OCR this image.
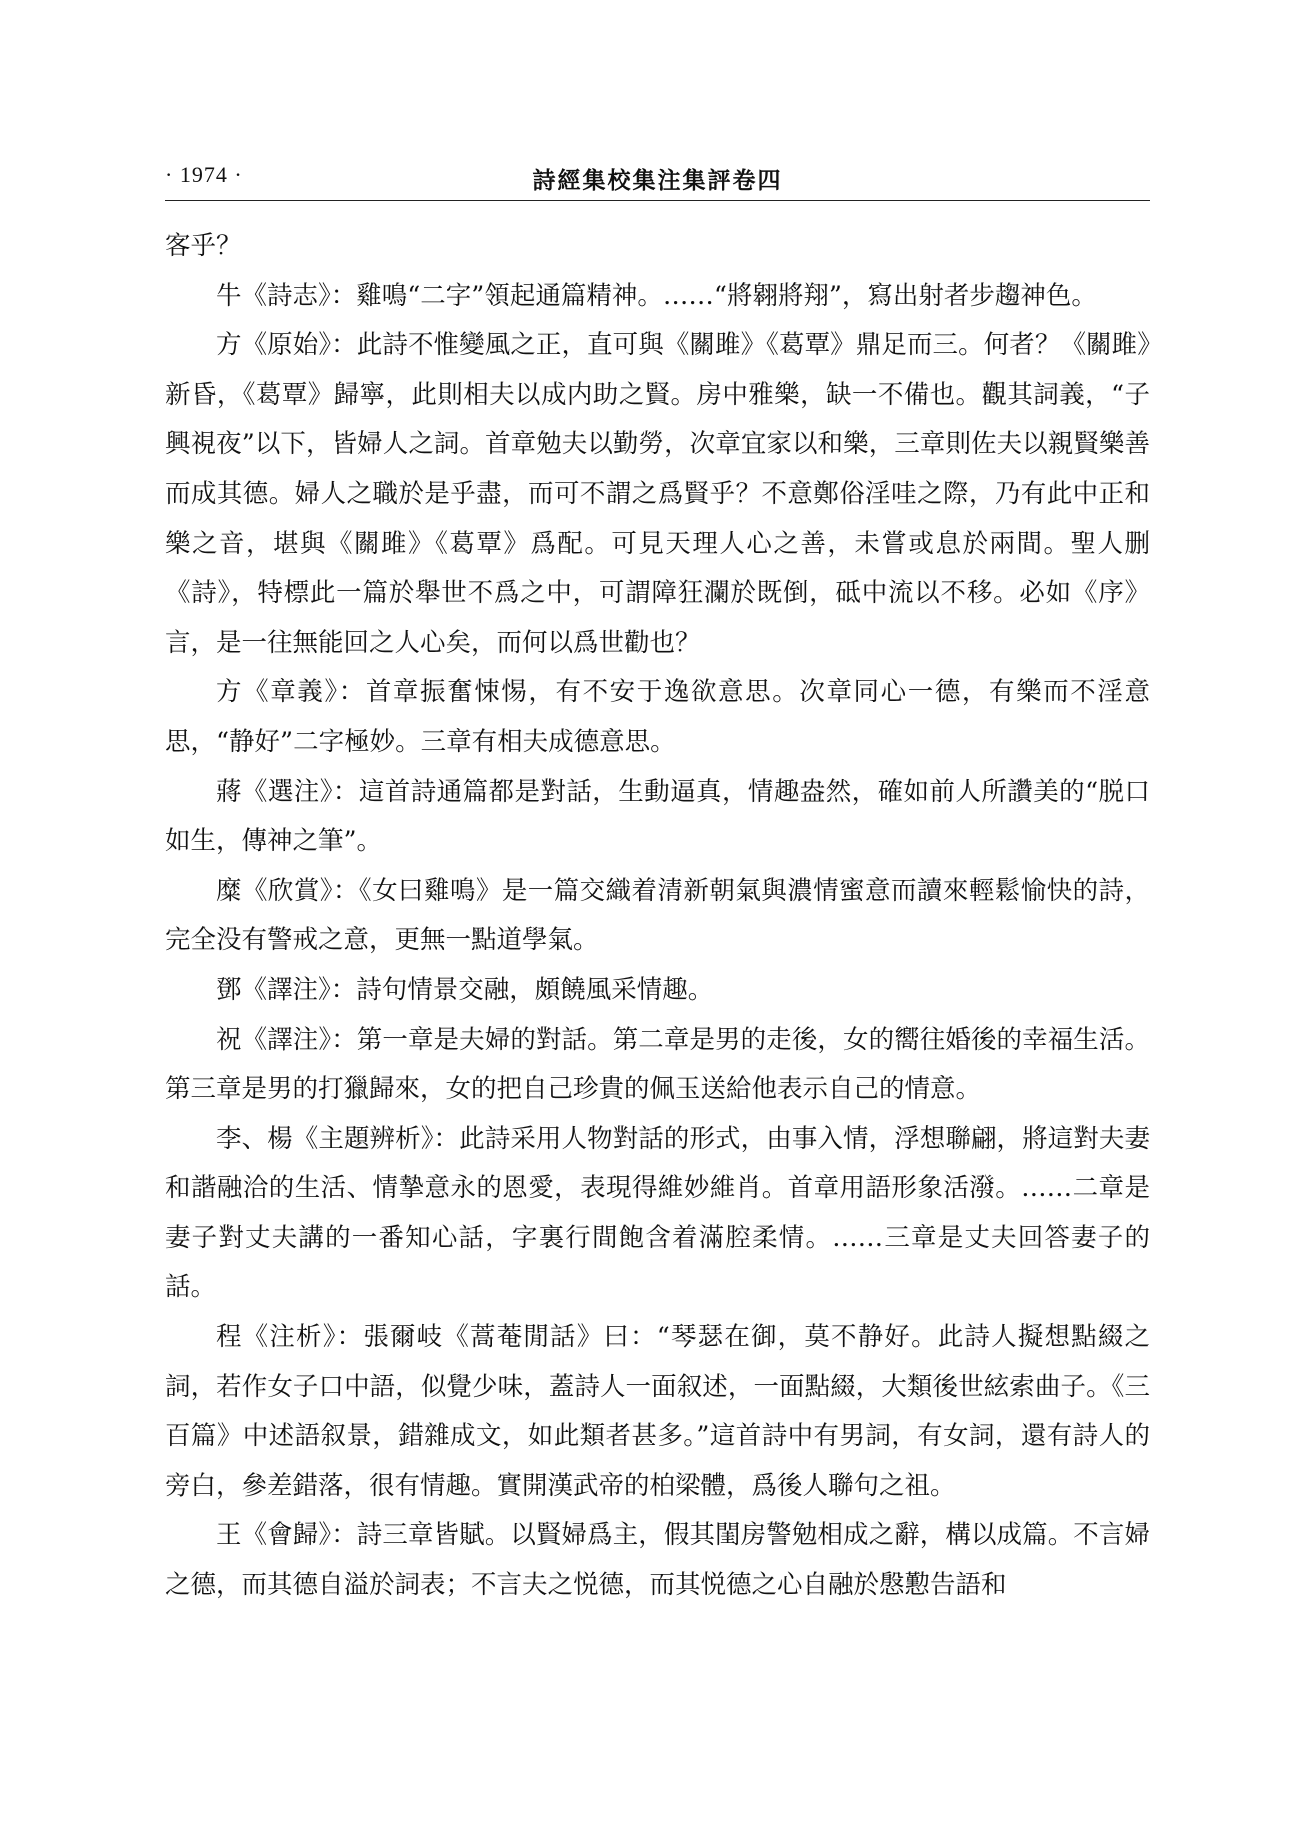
· 1974 ·	詩經集校集注集評卷四

客乎？

牛《詩志》：雞鳴“二字”領起通篇精神。……“將翱將翔”，寫出射者步趨神色。

方《原始》：此詩不惟變風之正，直可與《關雎》《葛覃》鼎足而三。何者？《關雎》新昏，《葛覃》歸寧，此則相夫以成内助之賢。房中雅樂，缺一不備也。觀其詞義，“子興視夜”以下，皆婦人之詞。首章勉夫以勤勞，次章宜家以和樂，三章則佐夫以親賢樂善而成其德。婦人之職於是乎盡，而可不謂之爲賢乎？不意鄭俗淫哇之際，乃有此中正和樂之音，堪與《關雎》《葛覃》爲配。可見天理人心之善，未嘗或息於兩間。聖人删《詩》，特標此一篇於舉世不爲之中，可謂障狂瀾於既倒，砥中流以不移。必如《序》言，是一往無能回之人心矣，而何以爲世勸也？

方《章義》：首章振奮悚惕，有不安于逸欲意思。次章同心一德，有樂而不淫意思，“静好”二字極妙。三章有相夫成德意思。

蔣《選注》：這首詩通篇都是對話，生動逼真，情趣盎然，確如前人所讚美的“脱口如生，傳神之筆”。

糜《欣賞》：《女曰雞鳴》是一篇交織着清新朝氣與濃情蜜意而讀來輕鬆愉快的詩，完全没有警戒之意，更無一點道學氣。

鄧《譯注》：詩句情景交融，頗饒風采情趣。

祝《譯注》：第一章是夫婦的對話。第二章是男的走後，女的嚮往婚後的幸福生活。第三章是男的打獵歸來，女的把自己珍貴的佩玉送給他表示自己的情意。

李、楊《主題辨析》：此詩采用人物對話的形式，由事入情，浮想聯翩，將這對夫妻和諧融洽的生活、情摯意永的恩愛，表現得維妙維肖。首章用語形象活潑。……二章是妻子對丈夫講的一番知心話，字裏行間飽含着滿腔柔情。……三章是丈夫回答妻子的話。

程《注析》：張爾岐《蒿菴閒話》曰：“琴瑟在御，莫不静好。此詩人擬想點綴之詞，若作女子口中語，似覺少味，蓋詩人一面叙述，一面點綴，大類後世絃索曲子。《三百篇》中述語叙景，錯雜成文，如此類者甚多。”這首詩中有男詞，有女詞，還有詩人的旁白，參差錯落，很有情趣。實開漢武帝的柏梁體，爲後人聯句之祖。

王《會歸》：詩三章皆賦。以賢婦爲主，假其閨房警勉相成之辭，構以成篇。不言婦之德，而其德自溢於詞表；不言夫之悦德，而其悦德之心自融於慇懃告語和
